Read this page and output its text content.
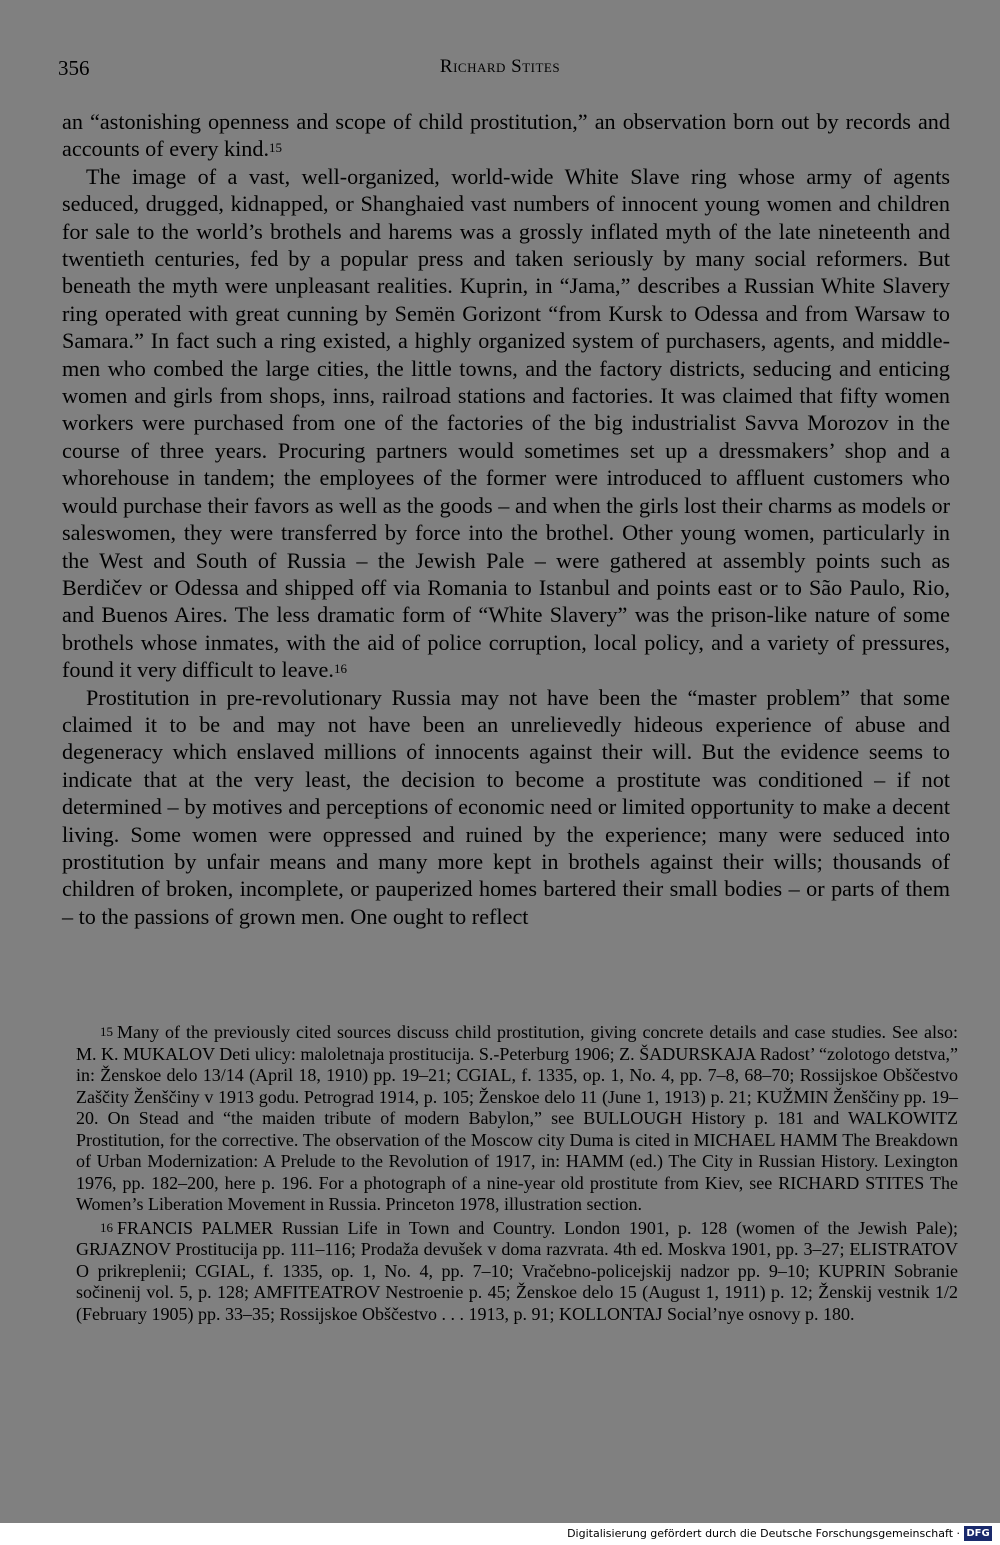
356	Richard Stites

an “astonishing openness and scope of child prostitution,” an observation born out by records and accounts of every kind.$^{15}$

The image of a vast, well-organized, world-wide White Slave ring whose army of agents seduced, drugged, kidnapped, or Shanghaied vast numbers of innocent young women and children for sale to the world’s brothels and harems was a grossly inflated myth of the late nineteenth and twentieth centuries, fed by a popular press and taken seriously by many social reformers. But beneath the myth were unpleasant realities. Kuprin, in “Jama,” describes a Russian White Slavery ring operated with great cunning by Semën Gorizont “from Kursk to Odessa and from Warsaw to Samara.” In fact such a ring existed, a highly organized system of purchasers, agents, and middle-men who combed the large cities, the little towns, and the factory districts, seducing and enticing women and girls from shops, inns, railroad stations and factories. It was claimed that fifty women workers were purchased from one of the factories of the big industrialist Savva Morozov in the course of three years. Procuring partners would sometimes set up a dressmakers’ shop and a whorehouse in tandem; the employees of the former were introduced to affluent customers who would purchase their favors as well as the goods – and when the girls lost their charms as models or saleswomen, they were transferred by force into the brothel. Other young women, particularly in the West and South of Russia – the Jewish Pale – were gathered at assembly points such as Berdičev or Odessa and shipped off via Romania to Istanbul and points east or to São Paulo, Rio, and Buenos Aires. The less dramatic form of “White Slavery” was the prison-like nature of some brothels whose inmates, with the aid of police corruption, local policy, and a variety of pressures, found it very difficult to leave.$^{16}$

Prostitution in pre-revolutionary Russia may not have been the “master problem” that some claimed it to be and may not have been an unrelievedly hideous experience of abuse and degeneracy which enslaved millions of innocents against their will. But the evidence seems to indicate that at the very least, the decision to become a prostitute was conditioned – if not determined – by motives and perceptions of economic need or limited opportunity to make a decent living. Some women were oppressed and ruined by the experience; many were seduced into prostitution by unfair means and many more kept in brothels against their wills; thousands of children of broken, incomplete, or pauperized homes bartered their small bodies – or parts of them – to the passions of grown men. One ought to reflect

$^{15}$ Many of the previously cited sources discuss child prostitution, giving concrete details and case studies. See also: M. K. MUKALOV Deti ulicy: maloletnaja prostitucija. S.-Peterburg 1906; Z. ŠADURSKAJA Radost’ “zolotogo detstva,” in: Ženskoe delo 13/14 (April 18, 1910) pp. 19–21; CGIAL, f. 1335, op. 1, No. 4, pp. 7–8, 68–70; Rossijskoe Obščestvo Zaščity Ženščiny v 1913 godu. Petrograd 1914, p. 105; Ženskoe delo 11 (June 1, 1913) p. 21; KUŽMIN Ženščiny pp. 19–20. On Stead and “the maiden tribute of modern Babylon,” see BULLOUGH History p. 181 and WALKOWITZ Prostitution, for the corrective. The observation of the Moscow city Duma is cited in MICHAEL HAMM The Breakdown of Urban Modernization: A Prelude to the Revolution of 1917, in: HAMM (ed.) The City in Russian History. Lexington 1976, pp. 182–200, here p. 196. For a photograph of a nine-year old prostitute from Kiev, see RICHARD STITES The Women’s Liberation Movement in Russia. Princeton 1978, illustration section.

$^{16}$ FRANCIS PALMER Russian Life in Town and Country. London 1901, p. 128 (women of the Jewish Pale); GRJAZNOV Prostitucija pp. 111–116; Prodaža devušek v doma razvrata. 4th ed. Moskva 1901, pp. 3–27; ELISTRATOV O prikreplenii; CGIAL, f. 1335, op. 1, No. 4, pp. 7–10; Vračebno-policejskij nadzor pp. 9–10; KUPRIN Sobranie sočinenij vol. 5, p. 128; AMFITEATROV Nestroenie p. 45; Ženskoe delo 15 (August 1, 1911) p. 12; Ženskij vestnik 1/2 (February 1905) pp. 33–35; Rossijskoe Obščestvo . . . 1913, p. 91; KOLLONTAJ Social’nye osnovy p. 180.

Digitalisierung gefördert durch die Deutsche Forschungsgemeinschaft · DFG
